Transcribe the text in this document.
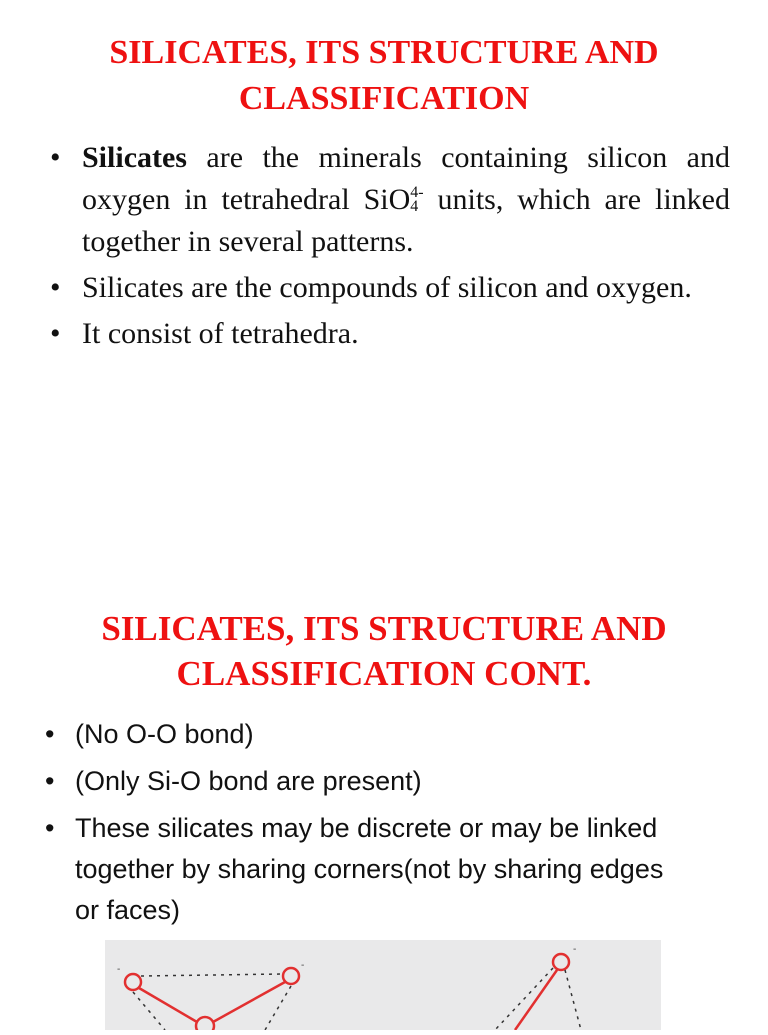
SILICATES, ITS STRUCTURE AND
CLASSIFICATION
• Silicates are the minerals containing silicon and oxygen in tetrahedral SiO 4-
4 units, which are linked together in several patterns.
• Silicates are the compounds of silicon and oxygen.
• It consist of tetrahedra.
SILICATES, ITS STRUCTURE AND
CLASSIFICATION CONT.
• (No O-O bond)
• (Only Si-O bond are present)
• These silicates may be discrete or may be linked together by sharing corners(not by sharing edges or faces)
-	-
-
